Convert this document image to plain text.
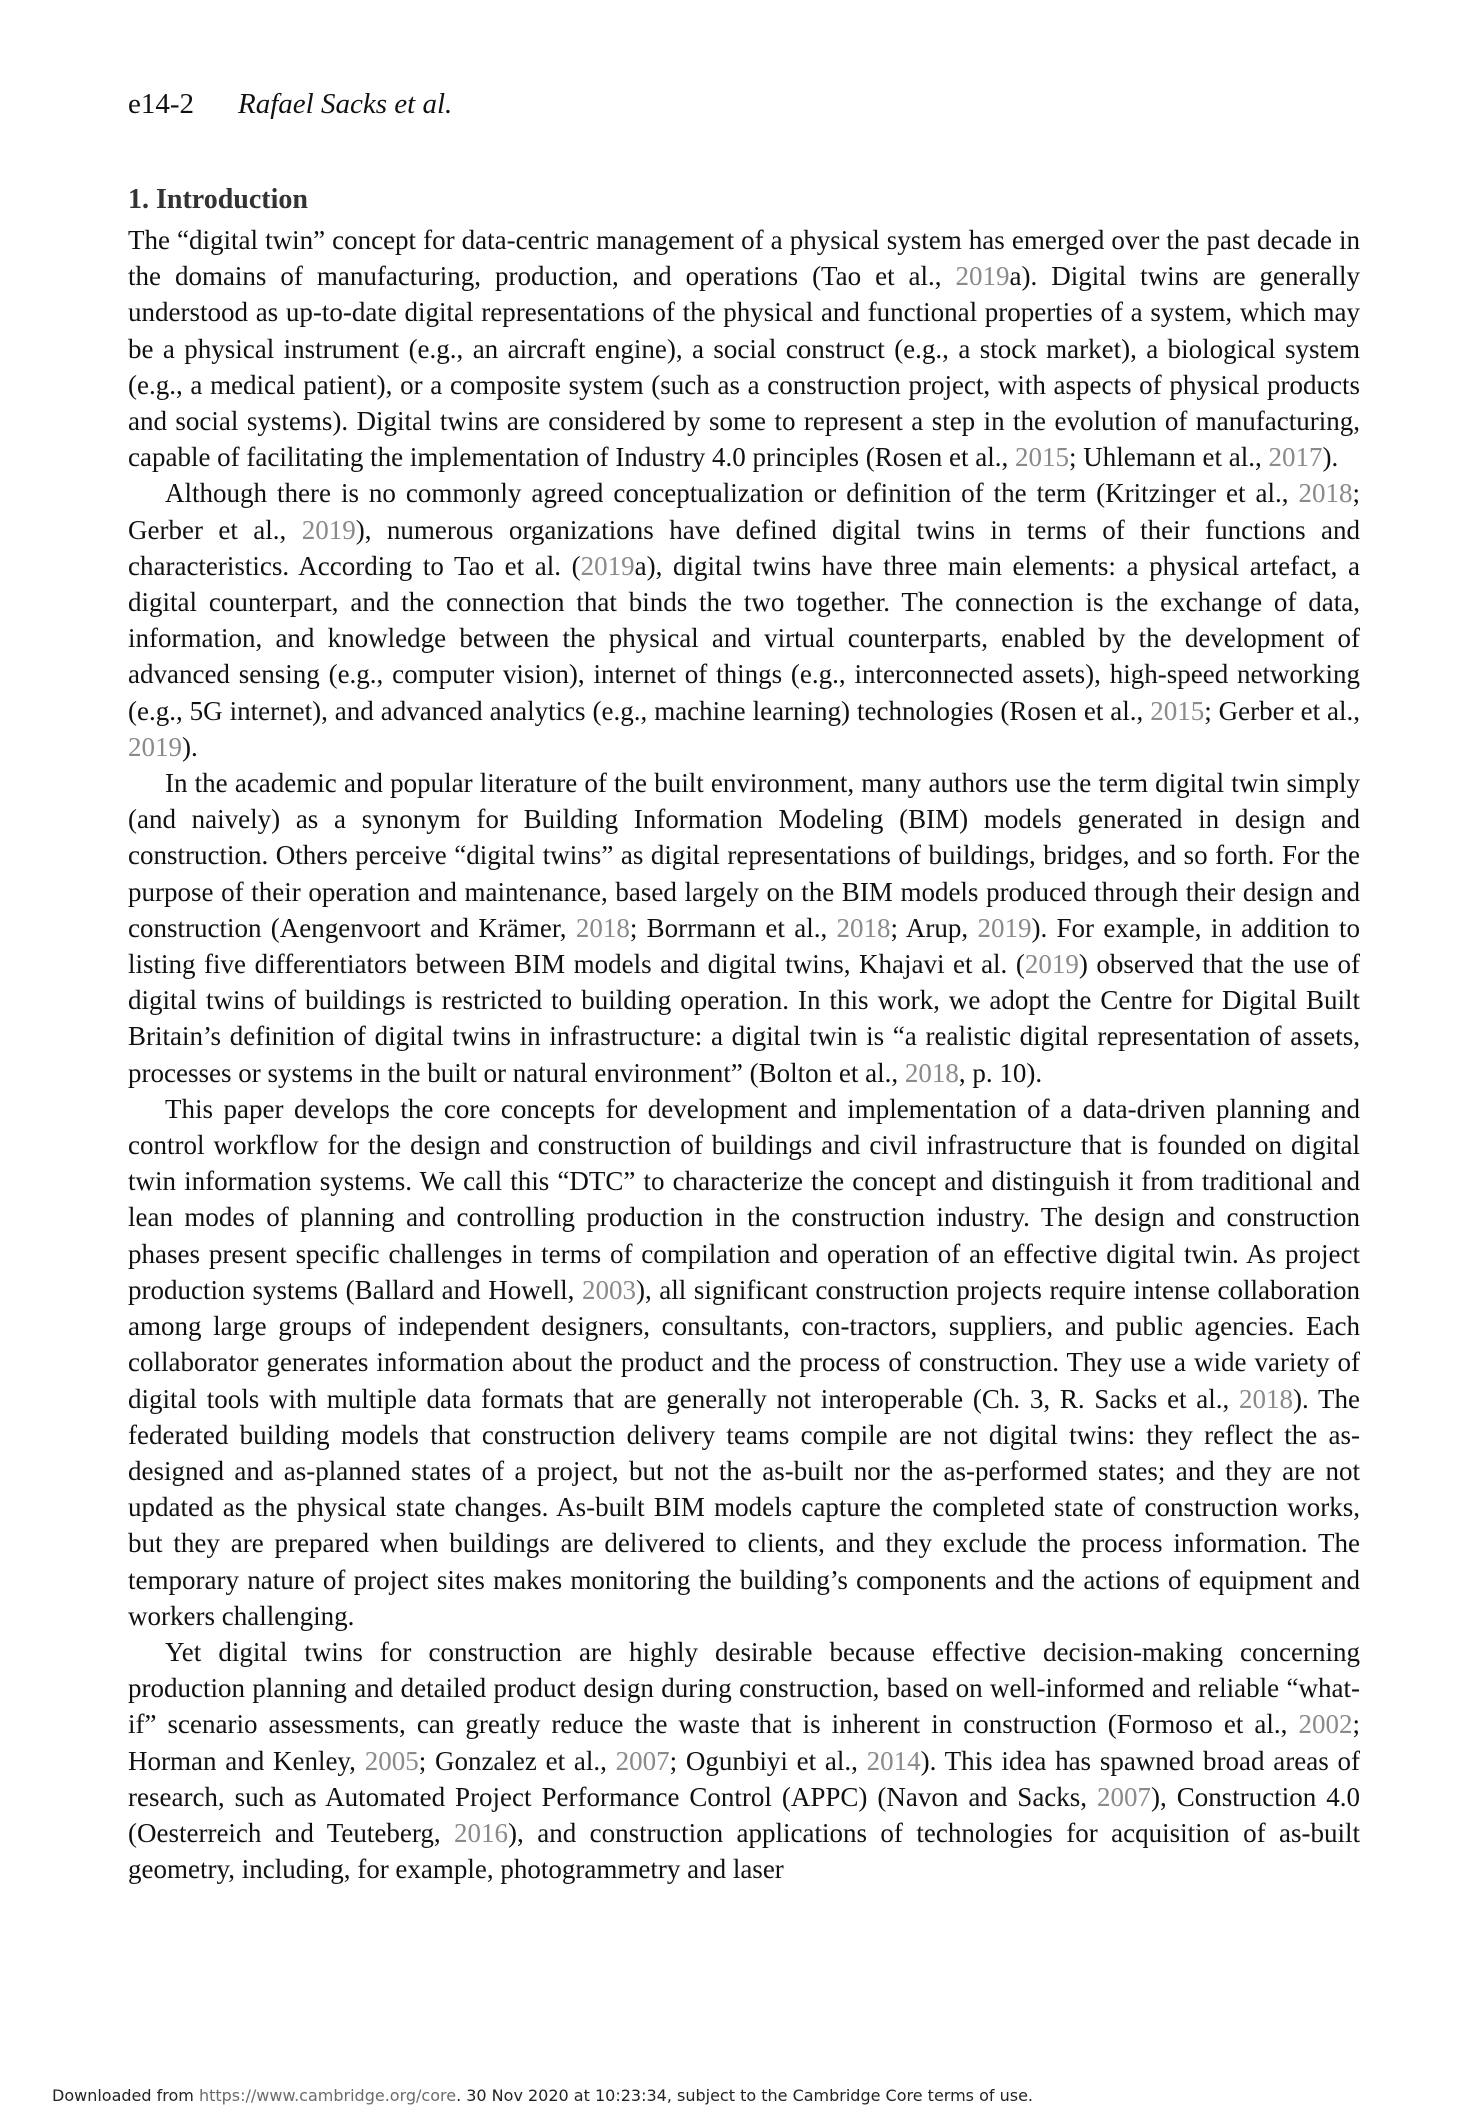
e14-2 Rafael Sacks et al.
1. Introduction

The “digital twin” concept for data-centric management of a physical system has emerged over the past decade in the domains of manufacturing, production, and operations (Tao et al., 2019a). Digital twins are generally understood as up-to-date digital representations of the physical and functional properties of a system, which may be a physical instrument (e.g., an aircraft engine), a social construct (e.g., a stock market), a biological system (e.g., a medical patient), or a composite system (such as a construction project, with aspects of physical products and social systems). Digital twins are considered by some to represent a step in the evolution of manufacturing, capable of facilitating the implementation of Industry 4.0 principles (Rosen et al., 2015; Uhlemann et al., 2017).

Although there is no commonly agreed conceptualization or definition of the term (Kritzinger et al., 2018; Gerber et al., 2019), numerous organizations have defined digital twins in terms of their functions and characteristics. According to Tao et al. (2019a), digital twins have three main elements: a physical artefact, a digital counterpart, and the connection that binds the two together. The connection is the exchange of data, information, and knowledge between the physical and virtual counterparts, enabled by the development of advanced sensing (e.g., computer vision), internet of things (e.g., interconnected assets), high-speed networking (e.g., 5G internet), and advanced analytics (e.g., machine learning) technologies (Rosen et al., 2015; Gerber et al., 2019).

In the academic and popular literature of the built environment, many authors use the term digital twin simply (and naively) as a synonym for Building Information Modeling (BIM) models generated in design and construction. Others perceive “digital twins” as digital representations of buildings, bridges, and so forth. For the purpose of their operation and maintenance, based largely on the BIM models produced through their design and construction (Aengenvoort and Krämer, 2018; Borrmann et al., 2018; Arup, 2019). For example, in addition to listing five differentiators between BIM models and digital twins, Khajavi et al. (2019) observed that the use of digital twins of buildings is restricted to building operation. In this work, we adopt the Centre for Digital Built Britain’s definition of digital twins in infrastructure: a digital twin is “a realistic digital representation of assets, processes or systems in the built or natural environment” (Bolton et al., 2018, p. 10).

This paper develops the core concepts for development and implementation of a data-driven planning and control workflow for the design and construction of buildings and civil infrastructure that is founded on digital twin information systems. We call this “DTC” to characterize the concept and distinguish it from traditional and lean modes of planning and controlling production in the construction industry. The design and construction phases present specific challenges in terms of compilation and operation of an effective digital twin. As project production systems (Ballard and Howell, 2003), all significant construction projects require intense collaboration among large groups of independent designers, consultants, con-tractors, suppliers, and public agencies. Each collaborator generates information about the product and the process of construction. They use a wide variety of digital tools with multiple data formats that are generally not interoperable (Ch. 3, R. Sacks et al., 2018). The federated building models that construction delivery teams compile are not digital twins: they reflect the as-designed and as-planned states of a project, but not the as-built nor the as-performed states; and they are not updated as the physical state changes. As-built BIM models capture the completed state of construction works, but they are prepared when buildings are delivered to clients, and they exclude the process information. The temporary nature of project sites makes monitoring the building’s components and the actions of equipment and workers challenging.

Yet digital twins for construction are highly desirable because effective decision-making concerning production planning and detailed product design during construction, based on well-informed and reliable “what-if” scenario assessments, can greatly reduce the waste that is inherent in construction (Formoso et al., 2002; Horman and Kenley, 2005; Gonzalez et al., 2007; Ogunbiyi et al., 2014). This idea has spawned broad areas of research, such as Automated Project Performance Control (APPC) (Navon and Sacks, 2007), Construction 4.0 (Oesterreich and Teuteberg, 2016), and construction applications of technologies for acquisition of as-built geometry, including, for example, photogrammetry and laser

Downloaded from https://www.cambridge.org/core. 30 Nov 2020 at 10:23:34, subject to the Cambridge Core terms of use.
